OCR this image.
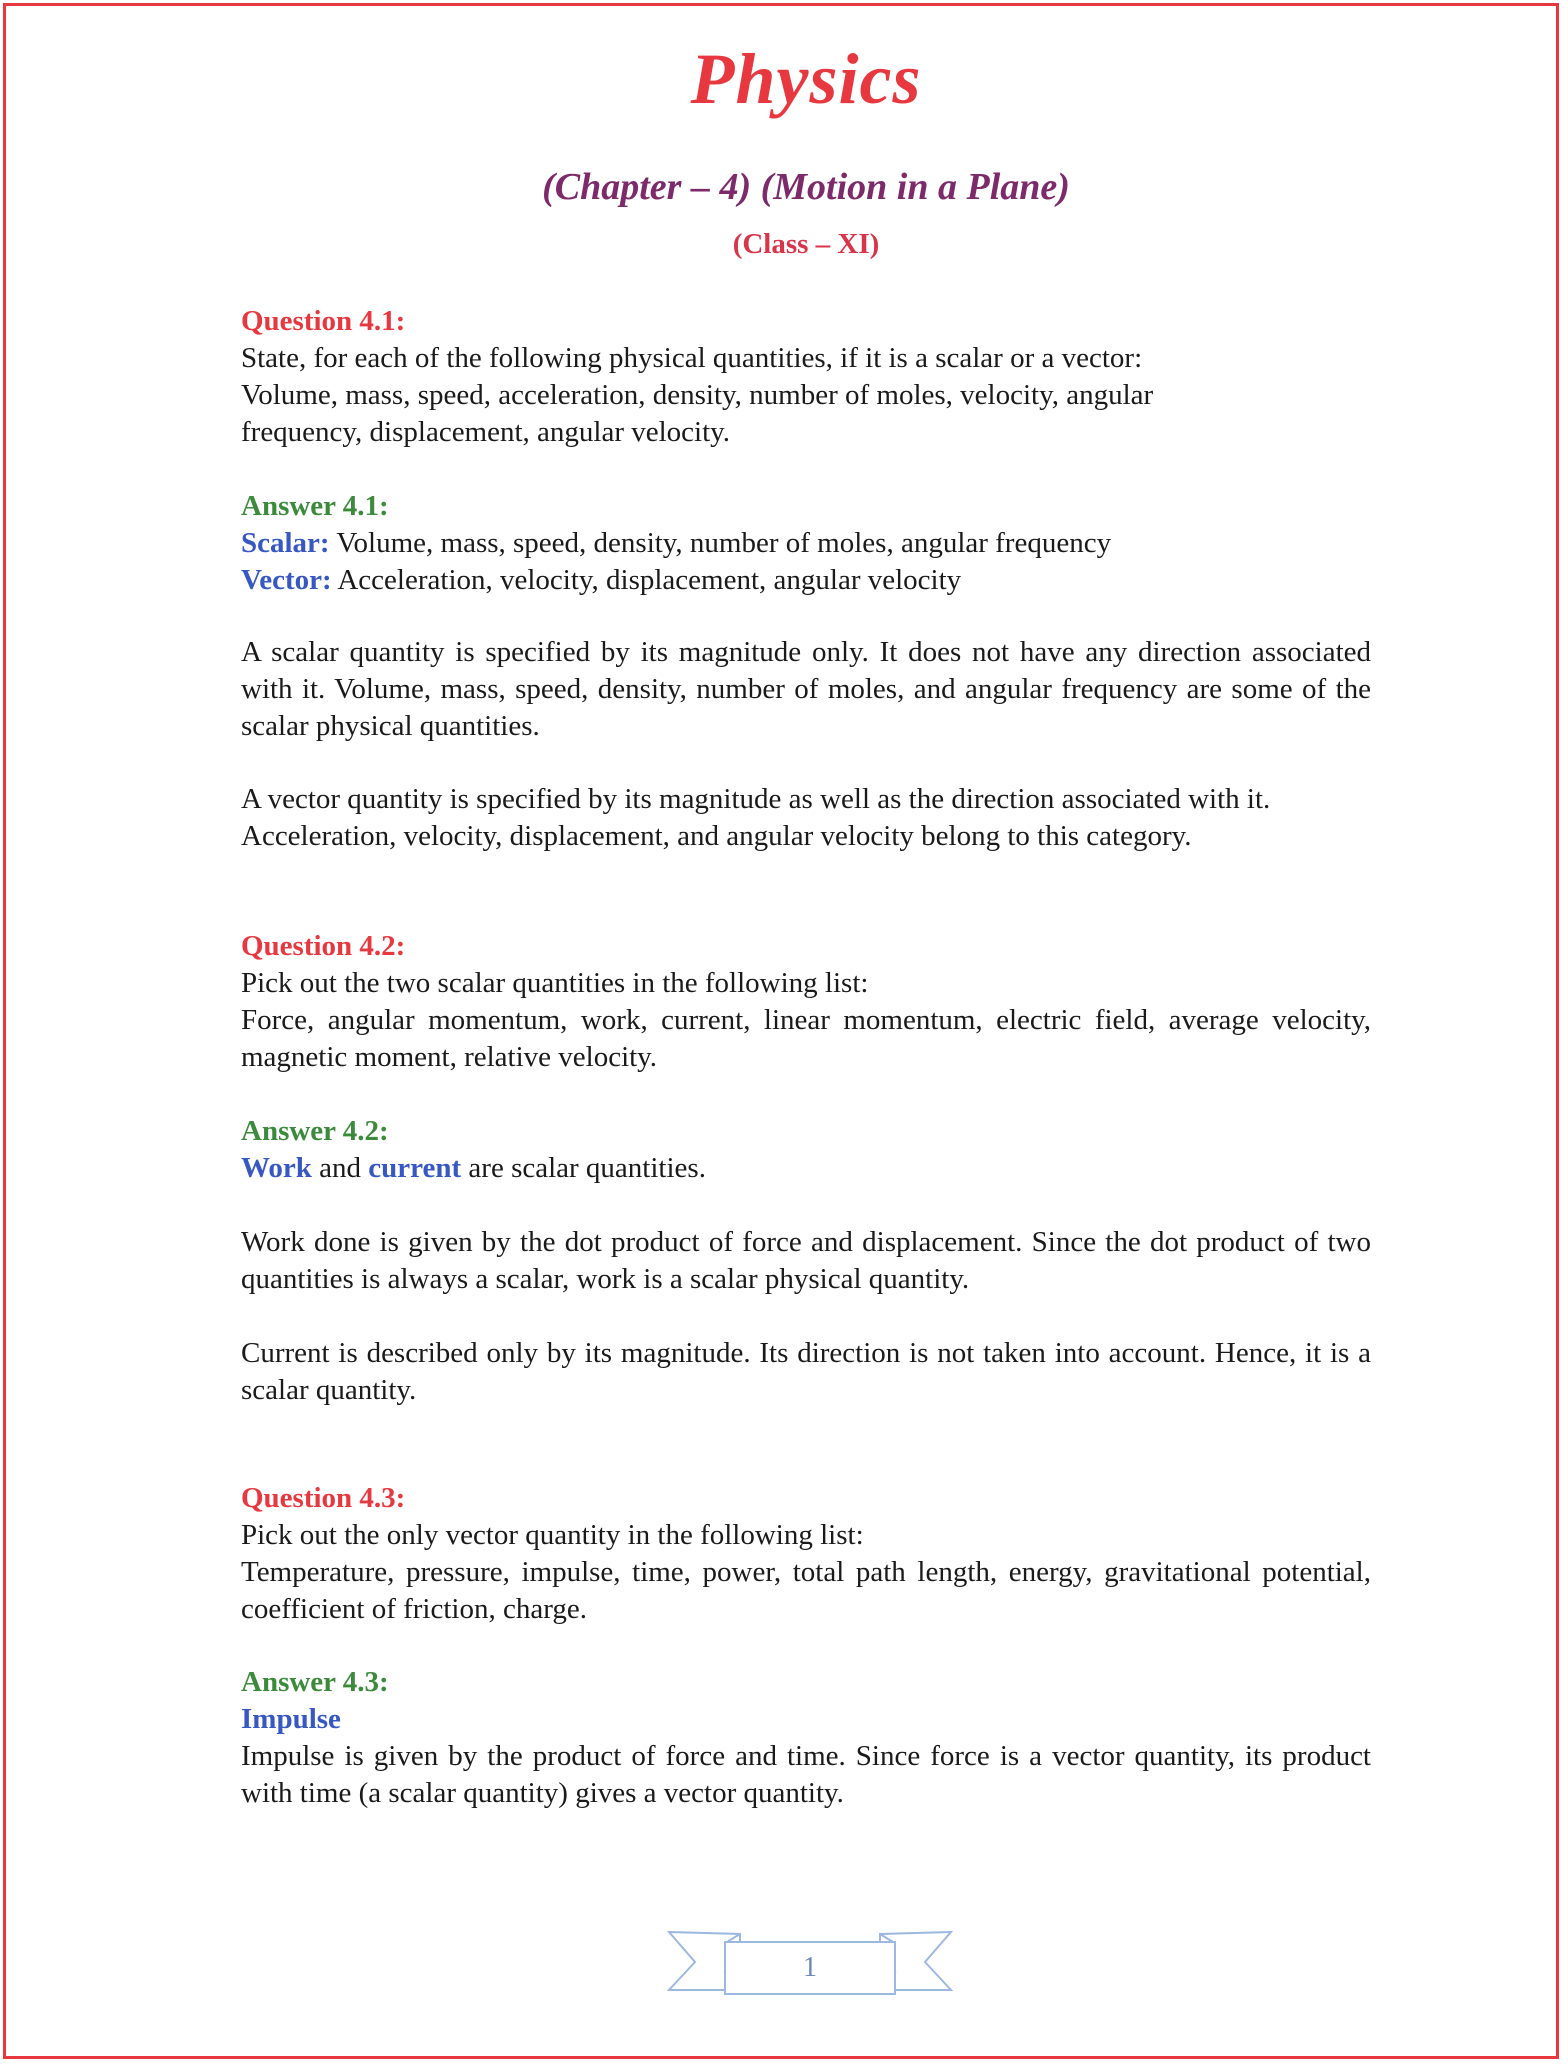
Physics
(Chapter – 4) (Motion in a Plane)
(Class – XI)

Question 4.1:

State, for each of the following physical quantities, if it is a scalar or a vector:

Volume, mass, speed, acceleration, density, number of moles, velocity, angular frequency, displacement, angular velocity.

Answer 4.1:

Scalar: Volume, mass, speed, density, number of moles, angular frequency

Vector: Acceleration, velocity, displacement, angular velocity

A scalar quantity is specified by its magnitude only. It does not have any direction associated with it. Volume, mass, speed, density, number of moles, and angular frequency are some of the scalar physical quantities.

A vector quantity is specified by its magnitude as well as the direction associated with it. Acceleration, velocity, displacement, and angular velocity belong to this category.

Question 4.2:

Pick out the two scalar quantities in the following list:

Force, angular momentum, work, current, linear momentum, electric field, average velocity, magnetic moment, relative velocity.

Answer 4.2:

Work and current are scalar quantities.

Work done is given by the dot product of force and displacement. Since the dot product of two quantities is always a scalar, work is a scalar physical quantity.

Current is described only by its magnitude. Its direction is not taken into account. Hence, it is a scalar quantity.

Question 4.3:

Pick out the only vector quantity in the following list:

Temperature, pressure, impulse, time, power, total path length, energy, gravitational potential, coefficient of friction, charge.

Answer 4.3:

Impulse

Impulse is given by the product of force and time. Since force is a vector quantity, its product with time (a scalar quantity) gives a vector quantity.

1
